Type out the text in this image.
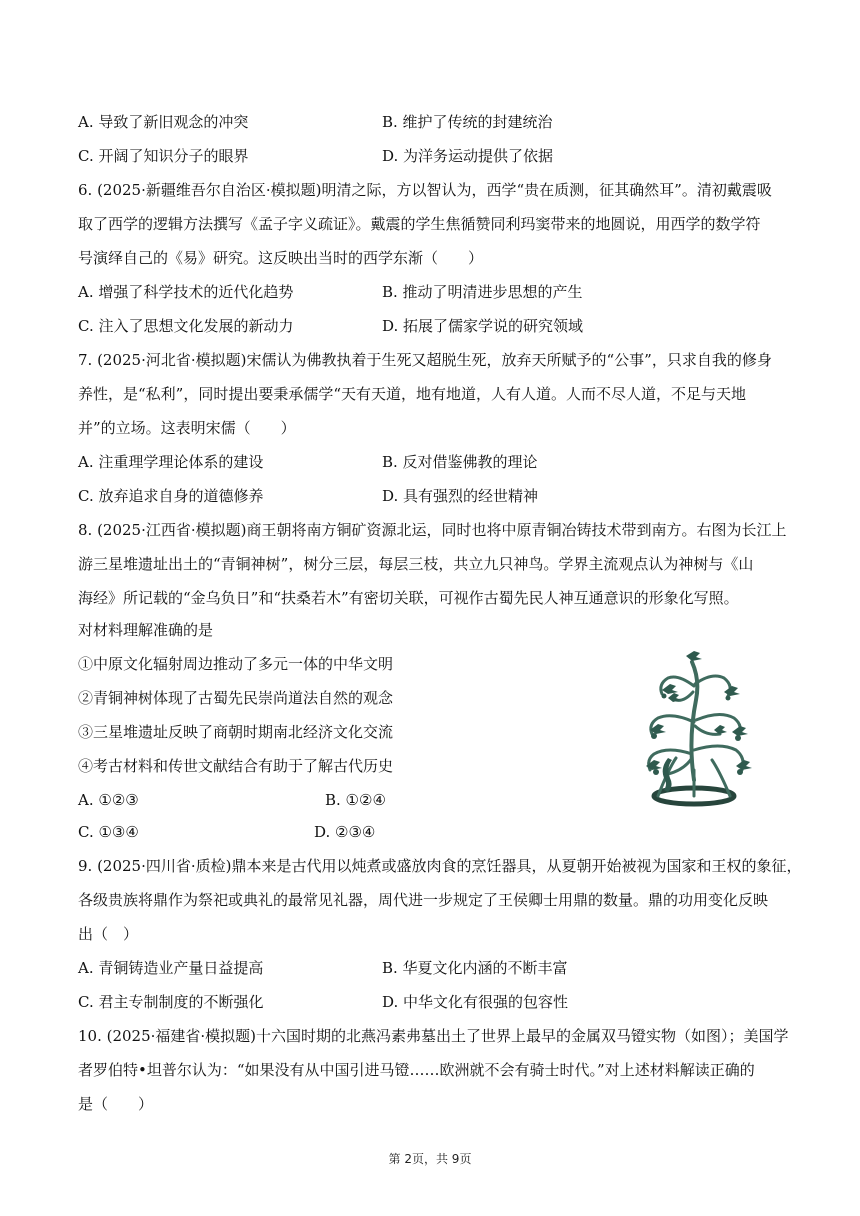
A. 导致了新旧观念的冲突	B. 维护了传统的封建统治
C. 开阔了知识分子的眼界	D. 为洋务运动提供了依据
6. (2025·新疆维吾尔自治区·模拟题)明清之际，方以智认为，西学“贵在质测，征其确然耳”。清初戴震吸
取了西学的逻辑方法撰写《孟子字义疏证》。戴震的学生焦循赞同利玛窦带来的地圆说，用西学的数学符
号演绎自己的《易》研究。这反映出当时的西学东渐（　　）
A. 增强了科学技术的近代化趋势	B. 推动了明清进步思想的产生
C. 注入了思想文化发展的新动力	D. 拓展了儒家学说的研究领域
7. (2025·河北省·模拟题)宋儒认为佛教执着于生死又超脱生死，放弃天所赋予的“公事”，只求自我的修身
养性，是“私利”，同时提出要秉承儒学“天有天道，地有地道，人有人道。人而不尽人道，不足与天地
并”的立场。这表明宋儒（　　）
A. 注重理学理论体系的建设	B. 反对借鉴佛教的理论
C. 放弃追求自身的道德修养	D. 具有强烈的经世精神
8. (2025·江西省·模拟题)商王朝将南方铜矿资源北运，同时也将中原青铜冶铸技术带到南方。右图为长江上
游三星堆遗址出土的“青铜神树”，树分三层，每层三枝，共立九只神鸟。学界主流观点认为神树与《山
海经》所记载的“金乌负日”和“扶桑若木”有密切关联，可视作古蜀先民人神互通意识的形象化写照。
对材料理解准确的是
①中原文化辐射周边推动了多元一体的中华文明
②青铜神树体现了古蜀先民崇尚道法自然的观念
③三星堆遗址反映了商朝时期南北经济文化交流
④考古材料和传世文献结合有助于了解古代历史
A. ①②③	B. ①②④
C. ①③④	D. ②③④
9. (2025·四川省·质检)鼎本来是古代用以炖煮或盛放肉食的烹饪器具，从夏朝开始被视为国家和王权的象征，
各级贵族将鼎作为祭祀或典礼的最常见礼器，周代进一步规定了王侯卿士用鼎的数量。鼎的功用变化反映
出（　）
A. 青铜铸造业产量日益提高	B. 华夏文化内涵的不断丰富
C. 君主专制制度的不断强化	D. 中华文化有很强的包容性
10. (2025·福建省·模拟题)十六国时期的北燕冯素弗墓出土了世界上最早的金属双马镫实物（如图）；美国学
者罗伯特•坦普尔认为：“如果没有从中国引进马镫……欧洲就不会有骑士时代。”对上述材料解读正确的
是（　　）
第 2页，共 9页
